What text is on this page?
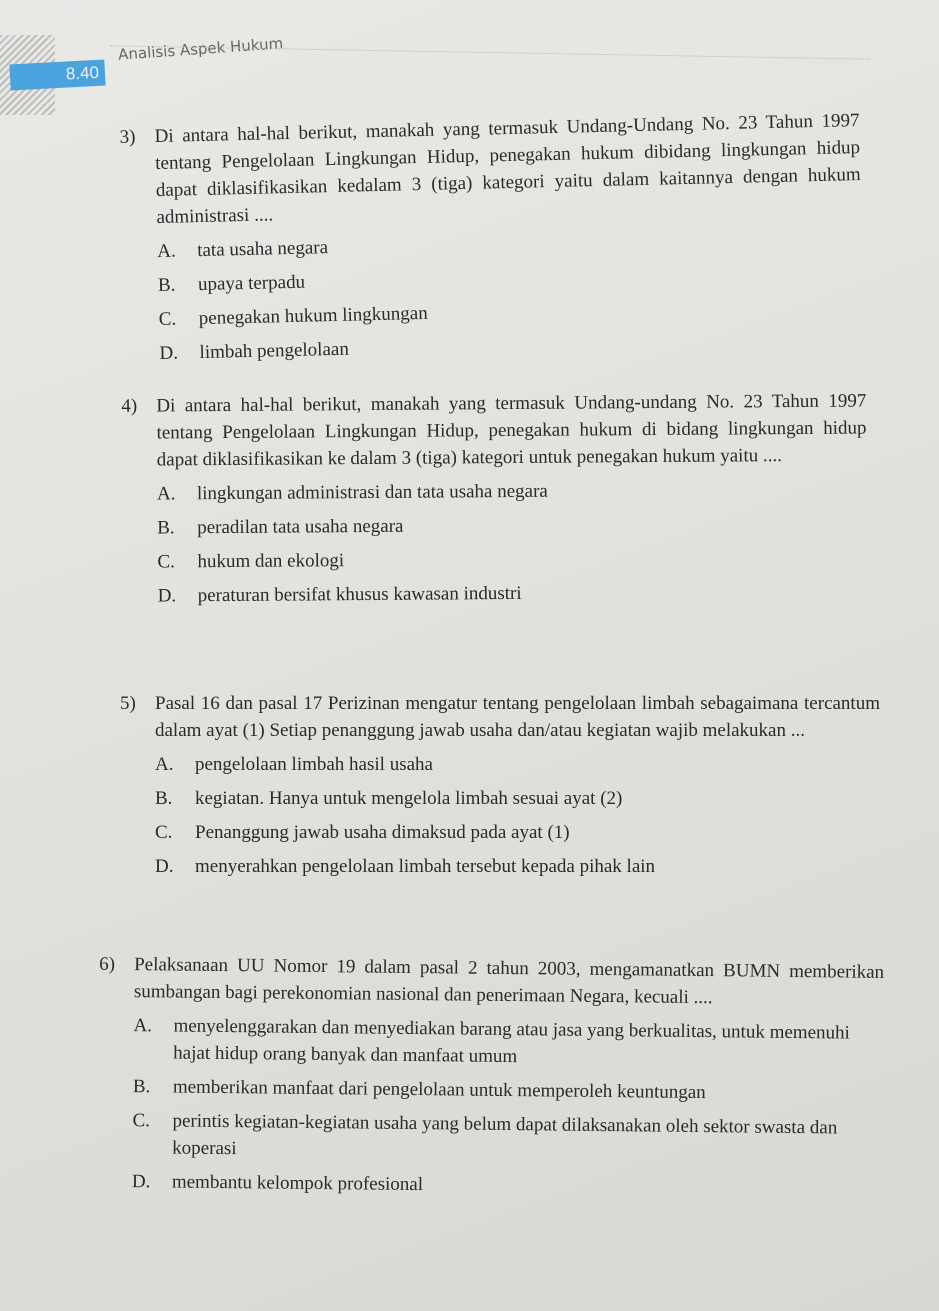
8.40
Analisis Aspek Hukum
3) Di antara hal-hal berikut, manakah yang termasuk Undang-Undang No. 23 Tahun 1997 tentang Pengelolaan Lingkungan Hidup, penegakan hukum dibidang lingkungan hidup dapat diklasifikasikan kedalam 3 (tiga) kategori yaitu dalam kaitannya dengan hukum administrasi ....
A.	tata usaha negara
B.	upaya terpadu
C.	penegakan hukum lingkungan
D.	limbah pengelolaan
4) Di antara hal-hal berikut, manakah yang termasuk Undang-undang No. 23 Tahun 1997 tentang Pengelolaan Lingkungan Hidup, penegakan hukum di bidang lingkungan hidup dapat diklasifikasikan ke dalam 3 (tiga) kategori untuk penegakan hukum yaitu ....
A.	lingkungan administrasi dan tata usaha negara
B.	peradilan tata usaha negara
C.	hukum dan ekologi
D.	peraturan bersifat khusus kawasan industri
5) Pasal 16 dan pasal 17 Perizinan mengatur tentang pengelolaan limbah sebagaimana tercantum dalam ayat (1) Setiap penanggung jawab usaha dan/atau kegiatan wajib melakukan ...
A.	pengelolaan limbah hasil usaha
B.	kegiatan. Hanya untuk mengelola limbah sesuai ayat (2)
C.	Penanggung jawab usaha dimaksud pada ayat (1)
D.	menyerahkan pengelolaan limbah tersebut kepada pihak lain
6) Pelaksanaan UU Nomor 19 dalam pasal 2 tahun 2003, mengamanatkan BUMN memberikan sumbangan bagi perekonomian nasional dan penerimaan Negara, kecuali ....
A.	menyelenggarakan dan menyediakan barang atau jasa yang berkualitas, untuk memenuhi hajat hidup orang banyak dan manfaat umum
B.	memberikan manfaat dari pengelolaan untuk memperoleh keuntungan
C.	perintis kegiatan-kegiatan usaha yang belum dapat dilaksanakan oleh sektor swasta dan koperasi
D.	membantu kelompok profesional
